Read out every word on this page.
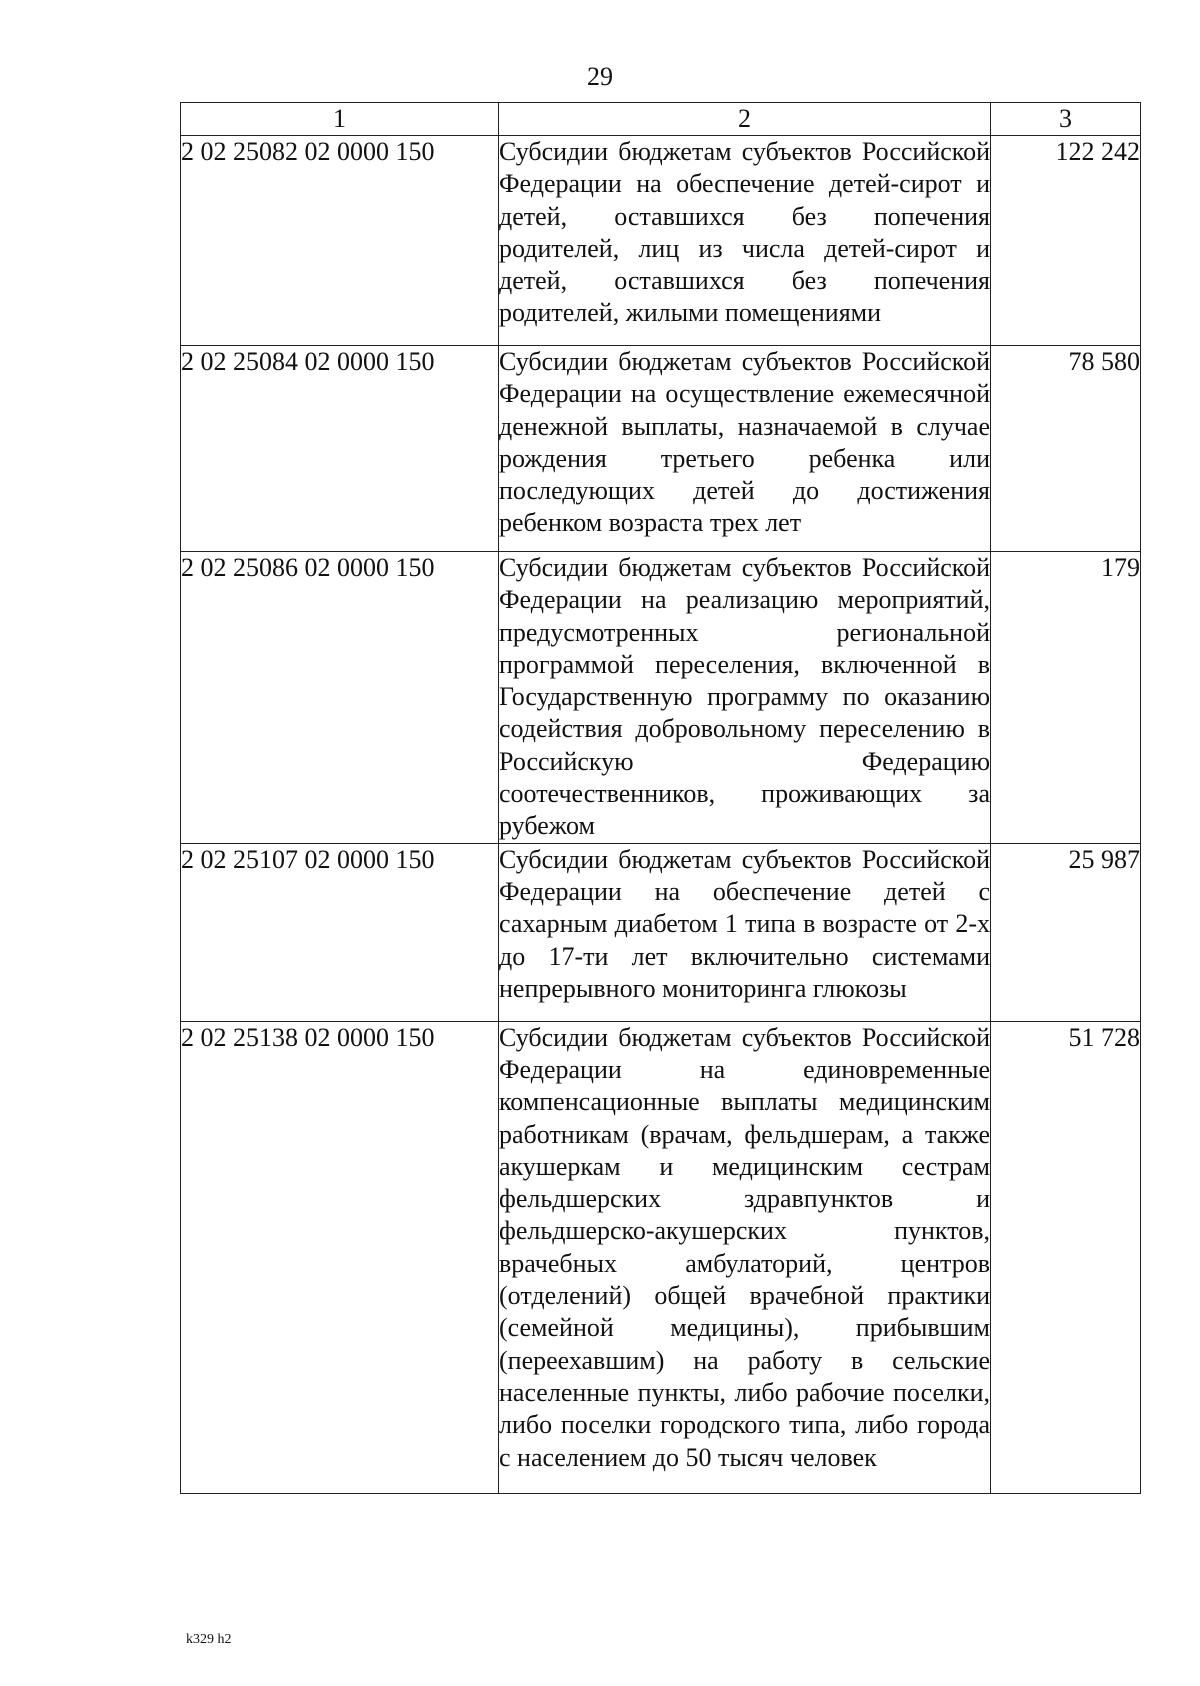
29
1	2	3
2 02 25082 02 0000 150	Субсидии бюджетам субъектов Российской Федерации на обеспечение детей-сирот и детей, оставшихся без попечения родителей, лиц из числа детей-сирот и детей, оставшихся без попечения родителей, жилыми помещениями	122 242
2 02 25084 02 0000 150	Субсидии бюджетам субъектов Российской Федерации на осуществление ежемесячной денежной выплаты, назначаемой в случае рождения третьего ребенка или последующих детей до достижения ребенком возраста трех лет	78 580
2 02 25086 02 0000 150	Субсидии бюджетам субъектов Российской Федерации на реализацию мероприятий, предусмотренных региональной программой переселения, включенной в Государственную программу по оказанию содействия добровольному переселению в Российскую Федерацию соотечественников, проживающих за рубежом	179
2 02 25107 02 0000 150	Субсидии бюджетам субъектов Российской Федерации на обеспечение детей с сахарным диабетом 1 типа в возрасте от 2-х до 17-ти лет включительно системами непрерывного мониторинга глюкозы	25 987
2 02 25138 02 0000 150	Субсидии бюджетам субъектов Российской Федерации на единовременные компенсационные выплаты медицинским работникам (врачам, фельдшерам, а также акушеркам и медицинским сестрам фельдшерских здравпунктов и фельдшерско-акушерских пунктов, врачебных амбулаторий, центров (отделений) общей врачебной практики (семейной медицины), прибывшим (переехавшим) на работу в сельские населенные пункты, либо рабочие поселки, либо поселки городского типа, либо города с населением до 50 тысяч человек	51 728
k329 h2
